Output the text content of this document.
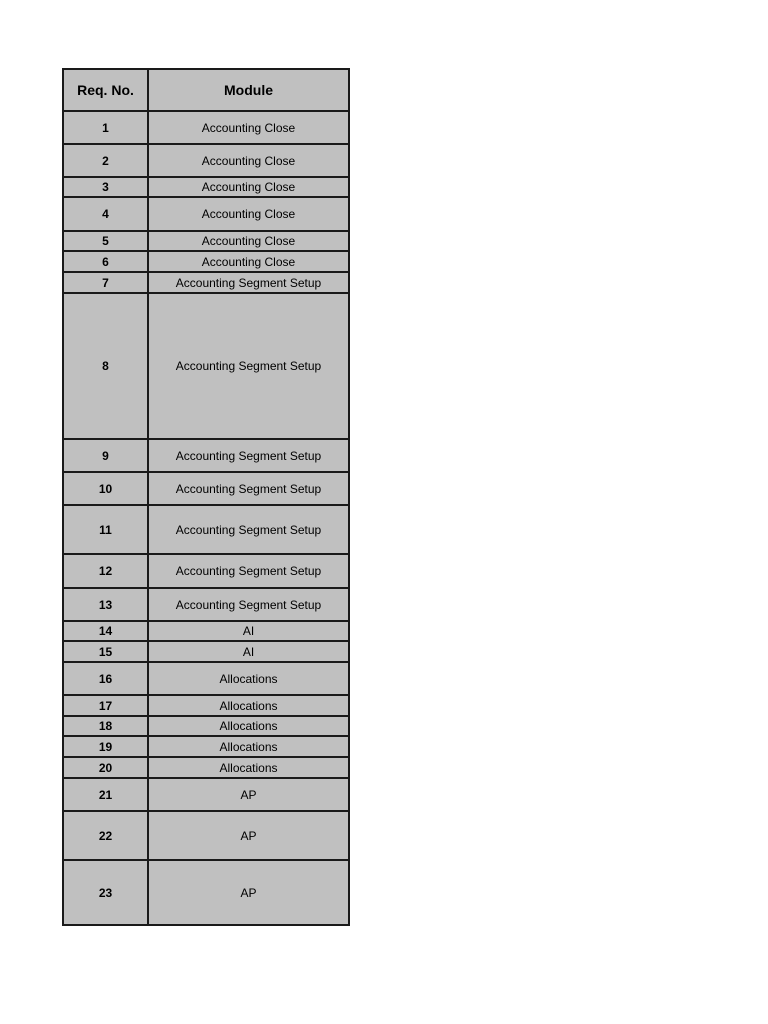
Req. No.	Module
1	Accounting Close
2	Accounting Close
3	Accounting Close
4	Accounting Close
5	Accounting Close
6	Accounting Close
7	Accounting Segment Setup
8	Accounting Segment Setup
9	Accounting Segment Setup
10	Accounting Segment Setup
11	Accounting Segment Setup
12	Accounting Segment Setup
13	Accounting Segment Setup
14	AI
15	AI
16	Allocations
17	Allocations
18	Allocations
19	Allocations
20	Allocations
21	AP
22	AP
23	AP
